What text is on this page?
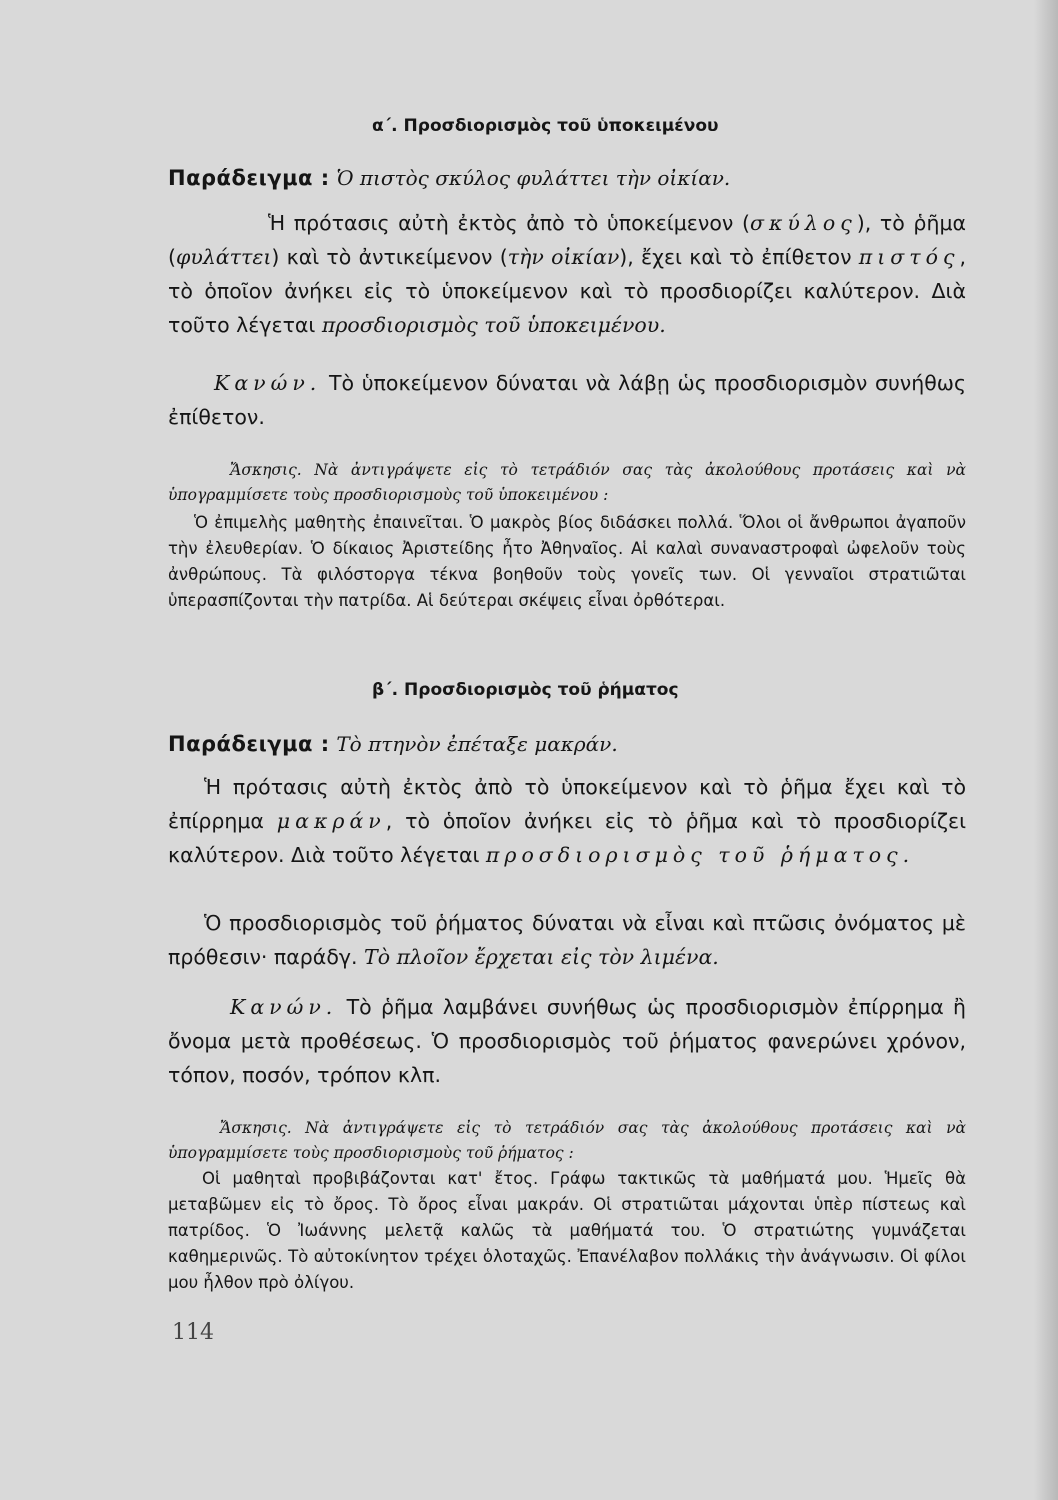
α΄. Προσδιορισμὸς τοῦ ὑποκειμένου
Παράδειγμα : Ὁ πιστὸς σκύλος φυλάττει τὴν οἰκίαν.
Ἡ πρότασις αὐτὴ ἐκτὸς ἀπὸ τὸ ὑποκείμενον (σκύλος), τὸ ῥῆμα (φυλάττει) καὶ τὸ ἀντικείμενον (τὴν οἰκίαν), ἔχει καὶ τὸ ἐπίθετον πιστός, τὸ ὁποῖον ἀνήκει εἰς τὸ ὑποκείμενον καὶ τὸ προσδιορίζει καλύτερον. Διὰ τοῦτο λέγεται προσδιορισμὸς τοῦ ὑποκειμένου.
Κανών. Τὸ ὑποκείμενον δύναται νὰ λάβῃ ὡς προσδιορισμὸν συνήθως ἐπίθετον.
Ἄσκησις. Νὰ ἀντιγράψετε εἰς τὸ τετράδιόν σας τὰς ἀκολούθους προτάσεις καὶ νὰ ὑπογραμμίσετε τοὺς προσδιορισμοὺς τοῦ ὑποκειμένου :
Ὁ ἐπιμελὴς μαθητὴς ἐπαινεῖται. Ὁ μακρὸς βίος διδάσκει πολλά. Ὅλοι οἱ ἄνθρωποι ἀγαποῦν τὴν ἐλευθερίαν. Ὁ δίκαιος Ἀριστείδης ἦτο Ἀθηναῖος. Αἱ καλαὶ συναναστροφαὶ ὠφελοῦν τοὺς ἀνθρώπους. Τὰ φιλόστοργα τέκνα βοηθοῦν τοὺς γονεῖς των. Οἱ γενναῖοι στρατιῶται ὑπερασπίζονται τὴν πατρίδα. Αἱ δεύτεραι σκέψεις εἶναι ὀρθότεραι.
β΄. Προσδιορισμὸς τοῦ ῥήματος
Παράδειγμα : Τὸ πτηνὸν ἐπέταξε μακράν.
Ἡ πρότασις αὐτὴ ἐκτὸς ἀπὸ τὸ ὑποκείμενον καὶ τὸ ῥῆμα ἔχει καὶ τὸ ἐπίρρημα μακράν, τὸ ὁποῖον ἀνήκει εἰς τὸ ῥῆμα καὶ τὸ προσδιορίζει καλύτερον. Διὰ τοῦτο λέγεται προσδιορισμὸς τοῦ ῥήματος.
Ὁ προσδιορισμὸς τοῦ ῥήματος δύναται νὰ εἶναι καὶ πτῶσις ὀνόματος μὲ πρόθεσιν· παράδγ. Τὸ πλοῖον ἔρχεται εἰς τὸν λιμένα.
Κανών. Τὸ ῥῆμα λαμβάνει συνήθως ὡς προσδιορισμὸν ἐπίρρημα ἢ ὄνομα μετὰ προθέσεως. Ὁ προσδιορισμὸς τοῦ ῥήματος φανερώνει χρόνον, τόπον, ποσόν, τρόπον κλπ.
Ἄσκησις. Νὰ ἀντιγράψετε εἰς τὸ τετράδιόν σας τὰς ἀκολούθους προτάσεις καὶ νὰ ὑπογραμμίσετε τοὺς προσδιορισμοὺς τοῦ ῥήματος :
Οἱ μαθηταὶ προβιβάζονται κατ' ἔτος. Γράφω τακτικῶς τὰ μαθήματά μου. Ἡμεῖς θὰ μεταβῶμεν εἰς τὸ ὄρος. Τὸ ὄρος εἶναι μακράν. Οἱ στρατιῶται μάχονται ὑπὲρ πίστεως καὶ πατρίδος. Ὁ Ἰωάννης μελετᾷ καλῶς τὰ μαθήματά του. Ὁ στρατιώτης γυμνάζεται καθημερινῶς. Τὸ αὐτοκίνητον τρέχει ὁλοταχῶς. Ἐπανέλαβον πολλάκις τὴν ἀνάγνωσιν. Οἱ φίλοι μου ἦλθον πρὸ ὀλίγου.
114
